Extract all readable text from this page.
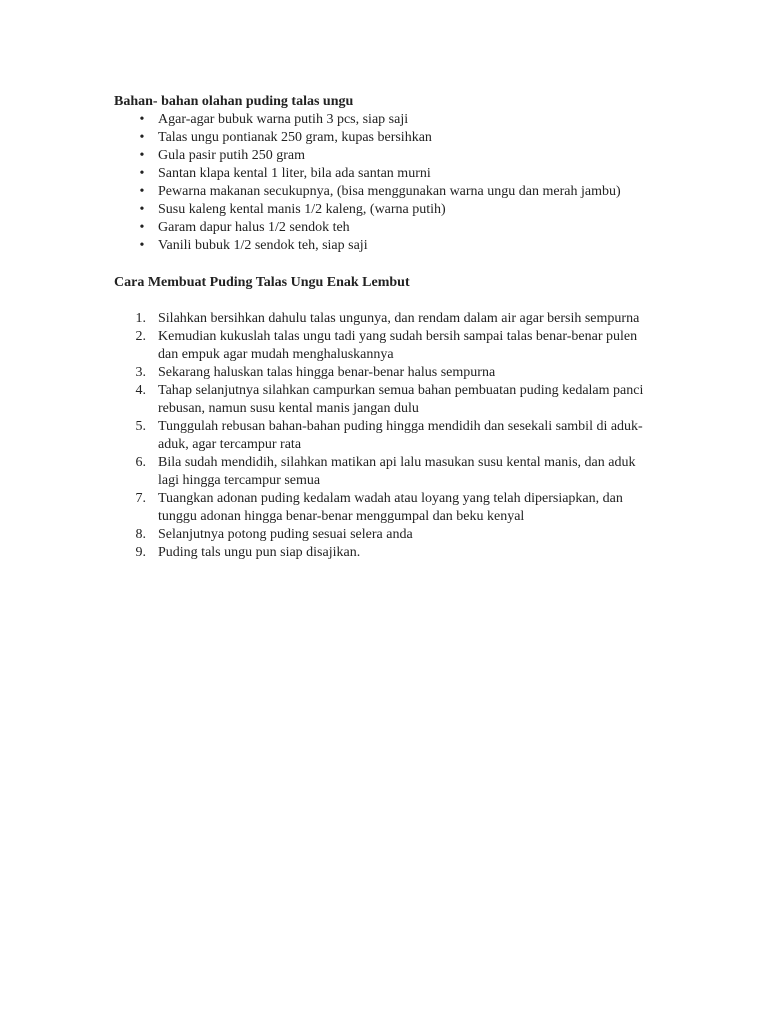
Bahan- bahan olahan puding talas ungu

• Agar-agar bubuk warna putih 3 pcs, siap saji
• Talas ungu pontianak 250 gram, kupas bersihkan
• Gula pasir putih 250 gram
• Santan klapa kental 1 liter, bila ada santan murni
• Pewarna makanan secukupnya, (bisa menggunakan warna ungu dan merah jambu)
• Susu kaleng kental manis 1/2 kaleng, (warna putih)
• Garam dapur halus 1/2 sendok teh
• Vanili bubuk 1/2 sendok teh, siap saji

Cara Membuat Puding Talas Ungu Enak Lembut

1. Silahkan bersihkan dahulu talas ungunya, dan rendam dalam air agar bersih sempurna
2. Kemudian kukuslah talas ungu tadi yang sudah bersih sampai talas benar-benar pulen dan empuk agar mudah menghaluskannya
3. Sekarang haluskan talas hingga benar-benar halus sempurna
4. Tahap selanjutnya silahkan campurkan semua bahan pembuatan puding kedalam panci rebusan, namun susu kental manis jangan dulu
5. Tunggulah rebusan bahan-bahan puding hingga mendidih dan sesekali sambil di aduk-aduk, agar tercampur rata
6. Bila sudah mendidih, silahkan matikan api lalu masukan susu kental manis, dan aduk lagi hingga tercampur semua
7. Tuangkan adonan puding kedalam wadah atau loyang yang telah dipersiapkan, dan tunggu adonan hingga benar-benar menggumpal dan beku kenyal
8. Selanjutnya potong puding sesuai selera anda
9. Puding tals ungu pun siap disajikan.
